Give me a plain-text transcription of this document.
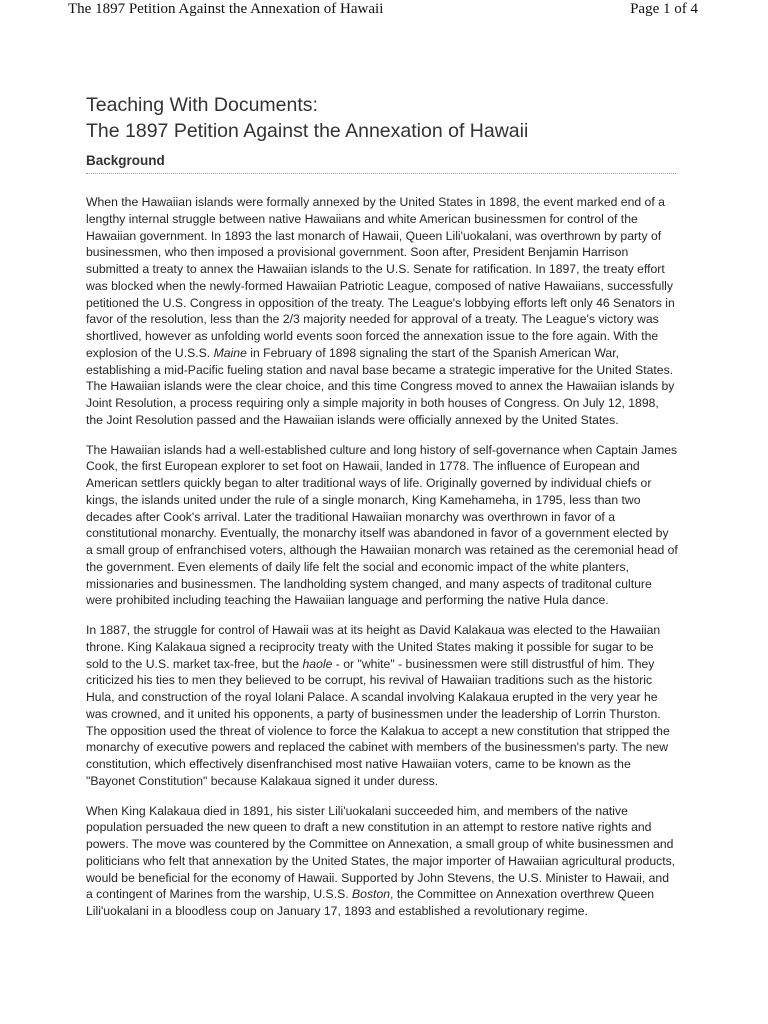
The 1897 Petition Against the Annexation of Hawaii	Page 1 of 4
Teaching With Documents:
The 1897 Petition Against the Annexation of Hawaii
Background

When the Hawaiian islands were formally annexed by the United States in 1898, the event marked end of a lengthy internal struggle between native Hawaiians and white American businessmen for control of the Hawaiian government. In 1893 the last monarch of Hawaii, Queen Lili'uokalani, was overthrown by party of businessmen, who then imposed a provisional government. Soon after, President Benjamin Harrison submitted a treaty to annex the Hawaiian islands to the U.S. Senate for ratification. In 1897, the treaty effort was blocked when the newly-formed Hawaiian Patriotic League, composed of native Hawaiians, successfully petitioned the U.S. Congress in opposition of the treaty. The League's lobbying efforts left only 46 Senators in favor of the resolution, less than the 2/3 majority needed for approval of a treaty. The League's victory was shortlived, however as unfolding world events soon forced the annexation issue to the fore again. With the explosion of the U.S.S. Maine in February of 1898 signaling the start of the Spanish American War, establishing a mid-Pacific fueling station and naval base became a strategic imperative for the United States. The Hawaiian islands were the clear choice, and this time Congress moved to annex the Hawaiian islands by Joint Resolution, a process requiring only a simple majority in both houses of Congress. On July 12, 1898, the Joint Resolution passed and the Hawaiian islands were officially annexed by the United States.

The Hawaiian islands had a well-established culture and long history of self-governance when Captain James Cook, the first European explorer to set foot on Hawaii, landed in 1778. The influence of European and American settlers quickly began to alter traditional ways of life. Originally governed by individual chiefs or kings, the islands united under the rule of a single monarch, King Kamehameha, in 1795, less than two decades after Cook's arrival. Later the traditional Hawaiian monarchy was overthrown in favor of a constitutional monarchy. Eventually, the monarchy itself was abandoned in favor of a government elected by a small group of enfranchised voters, although the Hawaiian monarch was retained as the ceremonial head of the government. Even elements of daily life felt the social and economic impact of the white planters, missionaries and businessmen. The landholding system changed, and many aspects of traditonal culture were prohibited including teaching the Hawaiian language and performing the native Hula dance.

In 1887, the struggle for control of Hawaii was at its height as David Kalakaua was elected to the Hawaiian throne. King Kalakaua signed a reciprocity treaty with the United States making it possible for sugar to be sold to the U.S. market tax-free, but the haole - or "white" - businessmen were still distrustful of him. They criticized his ties to men they believed to be corrupt, his revival of Hawaiian traditions such as the historic Hula, and construction of the royal Iolani Palace. A scandal involving Kalakaua erupted in the very year he was crowned, and it united his opponents, a party of businessmen under the leadership of Lorrin Thurston. The opposition used the threat of violence to force the Kalakua to accept a new constitution that stripped the monarchy of executive powers and replaced the cabinet with members of the businessmen's party. The new constitution, which effectively disenfranchised most native Hawaiian voters, came to be known as the "Bayonet Constitution" because Kalakaua signed it under duress.

When King Kalakaua died in 1891, his sister Lili'uokalani succeeded him, and members of the native population persuaded the new queen to draft a new constitution in an attempt to restore native rights and powers. The move was countered by the Committee on Annexation, a small group of white businessmen and politicians who felt that annexation by the United States, the major importer of Hawaiian agricultural products, would be beneficial for the economy of Hawaii. Supported by John Stevens, the U.S. Minister to Hawaii, and a contingent of Marines from the warship, U.S.S. Boston, the Committee on Annexation overthrew Queen Lili'uokalani in a bloodless coup on January 17, 1893 and established a revolutionary regime.
